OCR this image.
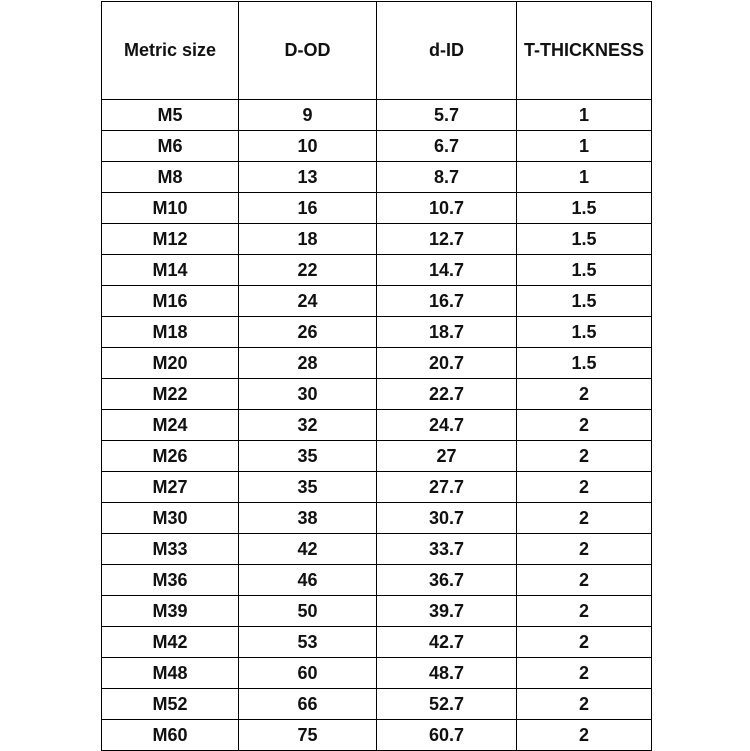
Metric size	D-OD	d-ID	T-THICKNESS
M5	9	5.7	1
M6	10	6.7	1
M8	13	8.7	1
M10	16	10.7	1.5
M12	18	12.7	1.5
M14	22	14.7	1.5
M16	24	16.7	1.5
M18	26	18.7	1.5
M20	28	20.7	1.5
M22	30	22.7	2
M24	32	24.7	2
M26	35	27	2
M27	35	27.7	2
M30	38	30.7	2
M33	42	33.7	2
M36	46	36.7	2
M39	50	39.7	2
M42	53	42.7	2
M48	60	48.7	2
M52	66	52.7	2
M60	75	60.7	2
